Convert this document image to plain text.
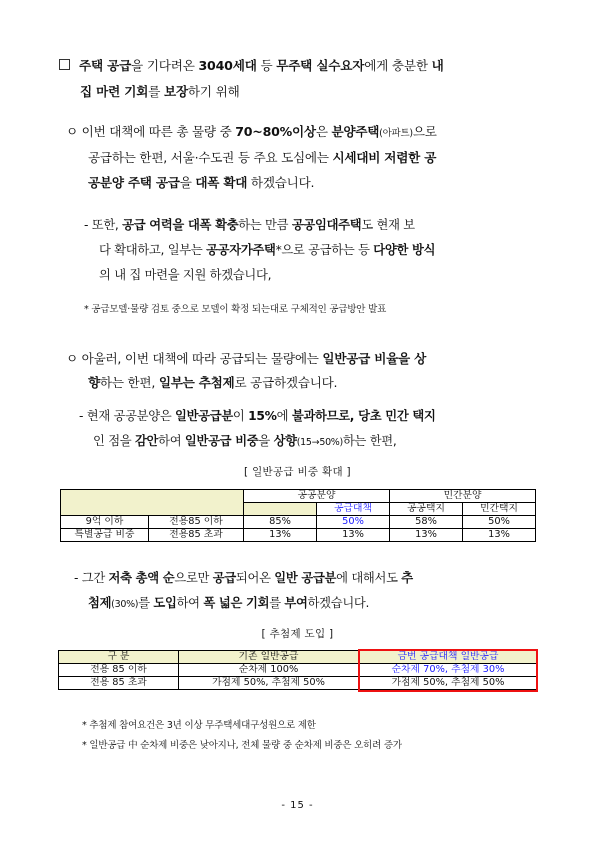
주택 공급을 기다려온 3040세대 등 무주택 실수요자에게 충분한 내
집 마련 기회를 보장하기 위해
ㅇ 이번 대책에 따른 총 물량 중 70~80%이상은 분양주택(아파트)으로
공급하는 한편, 서울·수도권 등 주요 도심에는 시세대비 저렴한 공
공분양 주택 공급을 대폭 확대 하겠습니다.
- 또한, 공급 여력을 대폭 확충하는 만큼 공공임대주택도 현재 보
다 확대하고, 일부는 공공자가주택*으로 공급하는 등 다양한 방식
의 내 집 마련을 지원 하겠습니다,
* 공급모델·물량 검토 중으로 모델이 확정 되는대로 구체적인 공급방안 발표
ㅇ 아울러, 이번 대책에 따라 공급되는 물량에는 일반공급 비율을 상
향하는 한편, 일부는 추첨제로 공급하겠습니다.
- 현재 공공분양은 일반공급분이 15%에 불과하므로, 당초 민간 택지
인 점을 감안하여 일반공급 비중을 상향(15→50%)하는 한편,
[ 일반공급 비중 확대 ]
		공공분양		민간분양	
			공급대책	공공택지	민간택지
9억 이하	전용85 이하	85%	50%	58%	50%
특별공급 비중	전용85 초과	13%	13%	13%	13%
- 그간 저축 총액 순으로만 공급되어온 일반 공급분에 대해서도 추
첨제(30%)를 도입하여 폭 넓은 기회를 부여하겠습니다.
[ 추첨제 도입 ]
구 분	기존 일반공급	금번 공급대책 일반공급
전용 85 이하	순차제 100%	순차제 70%, 추첨제 30%
전용 85 초과	가점제 50%, 추첨제 50%	가점제 50%, 추첨제 50%
* 추첨제 참여요건은 3년 이상 무주택세대구성원으로 제한
* 일반공급 中 순차제 비중은 낮아지나, 전체 물량 중 순차제 비중은 오히려 증가
- 15 -
